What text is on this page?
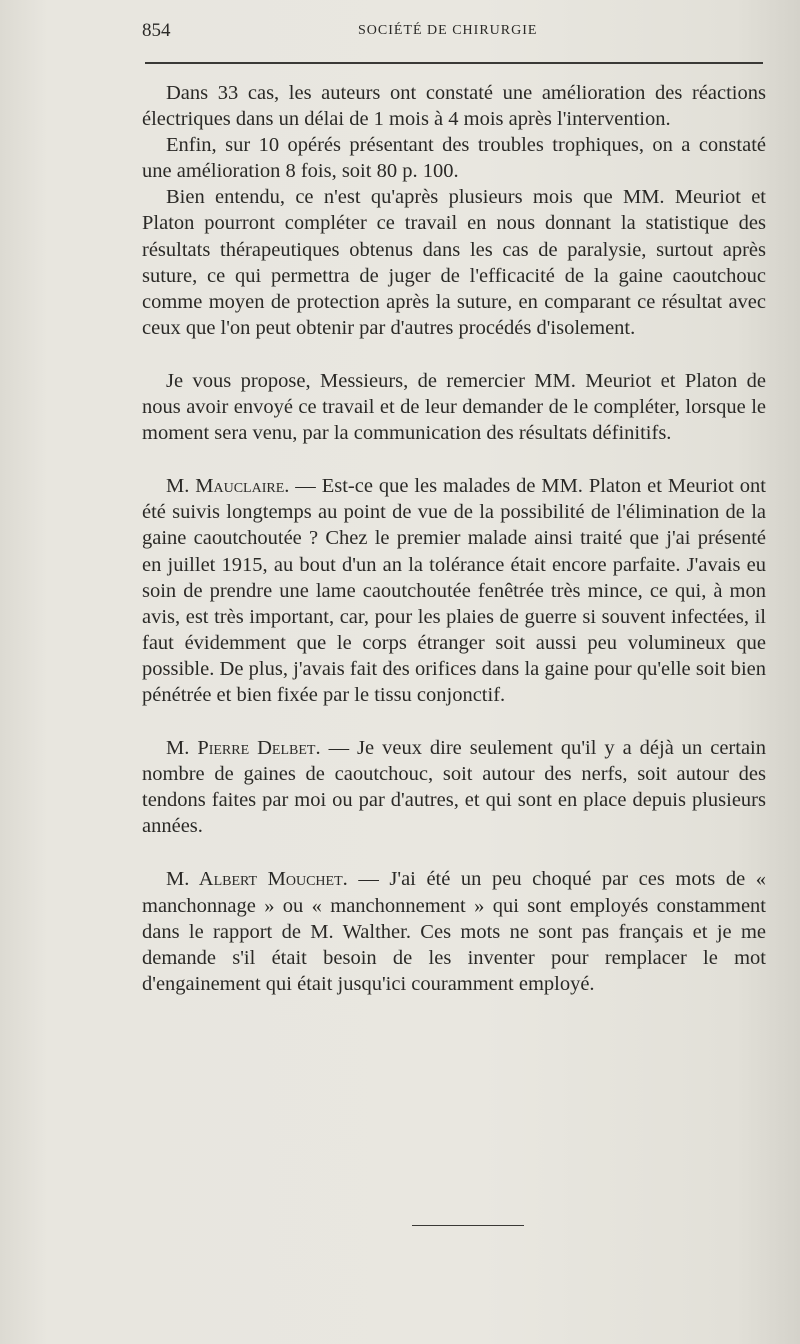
854	SOCIÉTÉ DE CHIRURGIE

Dans 33 cas, les auteurs ont constaté une amélioration des réactions électriques dans un délai de 1 mois à 4 mois après l'intervention.

Enfin, sur 10 opérés présentant des troubles trophiques, on a constaté une amélioration 8 fois, soit 80 p. 100.

Bien entendu, ce n'est qu'après plusieurs mois que MM. Meuriot et Platon pourront compléter ce travail en nous donnant la statistique des résultats thérapeutiques obtenus dans les cas de paralysie, surtout après suture, ce qui permettra de juger de l'efficacité de la gaine caoutchouc comme moyen de protection après la suture, en comparant ce résultat avec ceux que l'on peut obtenir par d'autres procédés d'isolement.

Je vous propose, Messieurs, de remercier MM. Meuriot et Platon de nous avoir envoyé ce travail et de leur demander de le compléter, lorsque le moment sera venu, par la communication des résultats définitifs.

M. Mauclaire. — Est-ce que les malades de MM. Platon et Meuriot ont été suivis longtemps au point de vue de la possibilité de l'élimination de la gaine caoutchoutée ? Chez le premier malade ainsi traité que j'ai présenté en juillet 1915, au bout d'un an la tolérance était encore parfaite. J'avais eu soin de prendre une lame caoutchoutée fenêtrée très mince, ce qui, à mon avis, est très important, car, pour les plaies de guerre si souvent infectées, il faut évidemment que le corps étranger soit aussi peu volumineux que possible. De plus, j'avais fait des orifices dans la gaine pour qu'elle soit bien pénétrée et bien fixée par le tissu conjonctif.

M. Pierre Delbet. — Je veux dire seulement qu'il y a déjà un certain nombre de gaines de caoutchouc, soit autour des nerfs, soit autour des tendons faites par moi ou par d'autres, et qui sont en place depuis plusieurs années.

M. Albert Mouchet. — J'ai été un peu choqué par ces mots de « manchonnage » ou « manchonnement » qui sont employés constamment dans le rapport de M. Walther. Ces mots ne sont pas français et je me demande s'il était besoin de les inventer pour remplacer le mot d'engainement qui était jusqu'ici couramment employé.
